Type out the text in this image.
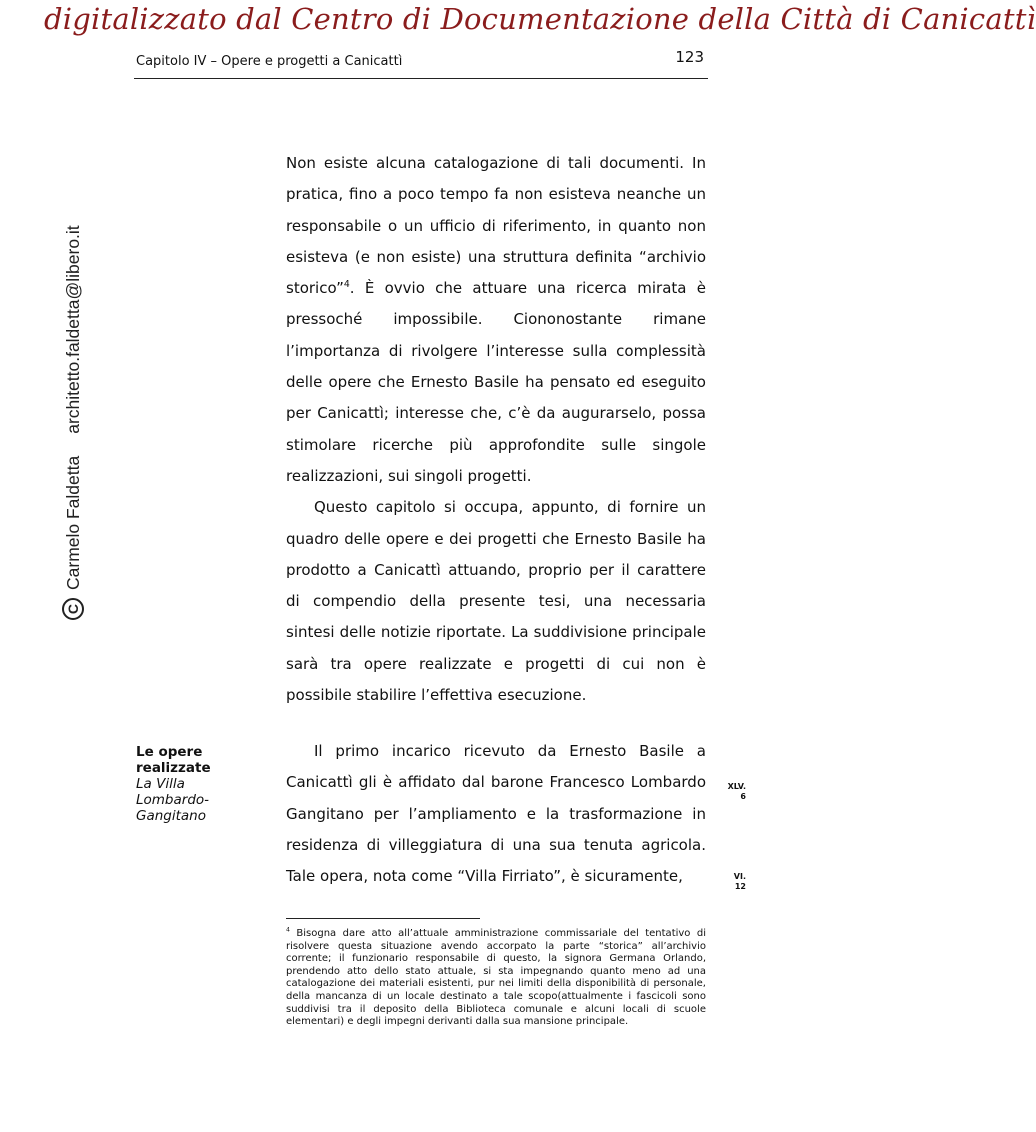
digitalizzato dal Centro di Documentazione della Città di Canicattì
Capitolo IV – Opere e progetti a Canicattì	123
C
Carmelo Faldetta
architetto.faldetta@libero.it

Non esiste alcuna catalogazione di tali documenti. In pratica, fino a poco tempo fa non esisteva neanche un responsabile o un ufficio di riferimento, in quanto non esisteva (e non esiste) una struttura definita “archivio storico”$^4$. È ovvio che attuare una ricerca mirata è pressoché impossibile. Ciononostante rimane l’importanza di rivolgere l’interesse sulla complessità delle opere che Ernesto Basile ha pensato ed eseguito per Canicattì; interesse che, c’è da augurarselo, possa stimolare ricerche più approfondite sulle singole realizzazioni, sui singoli progetti.

Questo capitolo si occupa, appunto, di fornire un quadro delle opere e dei progetti che Ernesto Basile ha prodotto a Canicattì attuando, proprio per il carattere di compendio della presente tesi, una necessaria sintesi delle notizie riportate. La suddivisione principale sarà tra opere realizzate e progetti di cui non è possibile stabilire l’effettiva esecuzione.

Le opere realizzate
La Villa Lombardo-Gangitano

Il primo incarico ricevuto da Ernesto Basile a Canicattì gli è affidato dal barone Francesco Lombardo Gangitano per l’ampliamento e la trasformazione in residenza di villeggiatura di una sua tenuta agricola. Tale opera, nota come “Villa Firriato”, è sicuramente,

XLV.
6
VI.
12

$^4$ Bisogna dare atto all’attuale amministrazione commissariale del tentativo di risolvere questa situazione avendo accorpato la parte “storica” all’archivio corrente; il funzionario responsabile di questo, la signora Germana Orlando, prendendo atto dello stato attuale, si sta impegnando quanto meno ad una catalogazione dei materiali esistenti, pur nei limiti della disponibilità di personale, della mancanza di un locale destinato a tale scopo(attualmente i fascicoli sono suddivisi tra il deposito della Biblioteca comunale e alcuni locali di scuole elementari) e degli impegni derivanti dalla sua mansione principale.
